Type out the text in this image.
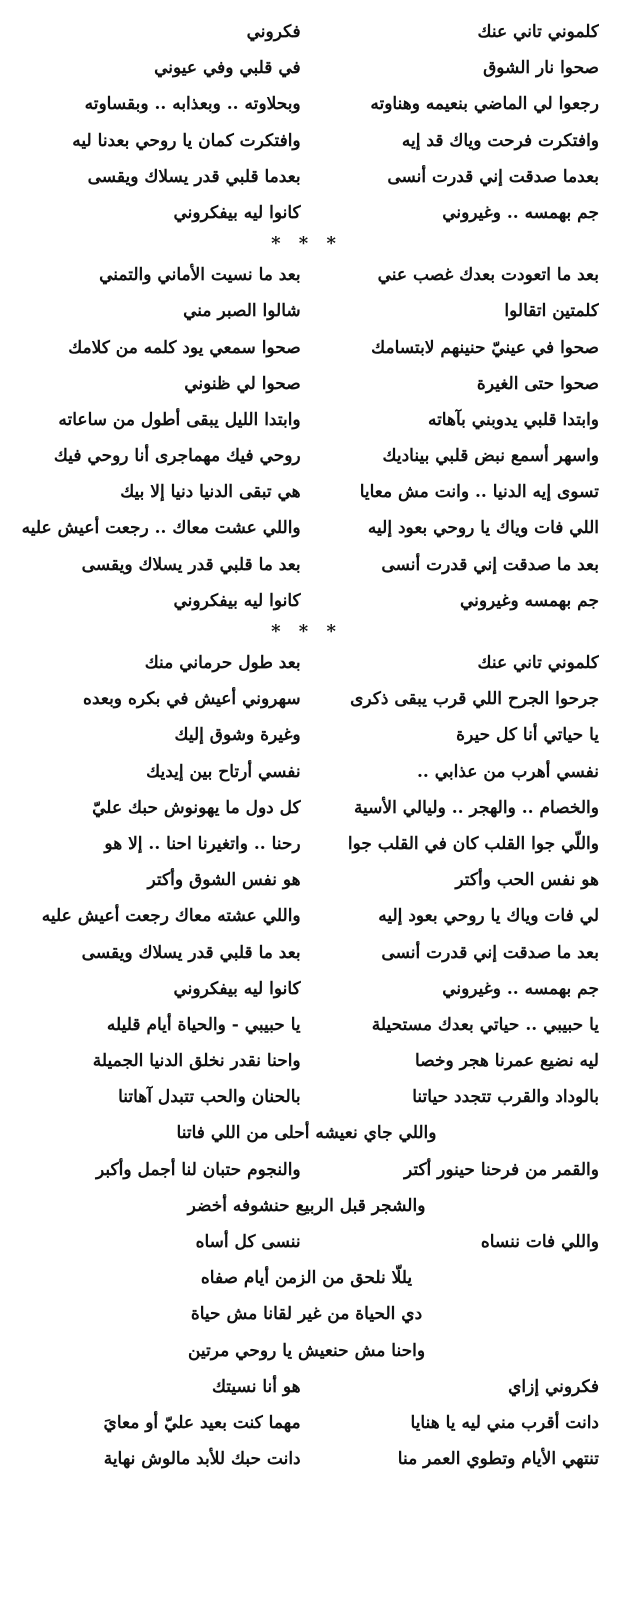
كلموني تاني عنك
فكروني
صحوا نار الشوق
في قلبي وفي عيوني
رجعوا لي الماضي بنعيمه وهناوته
وبحلاوته .. وبعذابه .. وبقساوته
وافتكرت فرحت وياك قد إيه
وافتكرت كمان يا روحي بعدنا ليه
بعدما صدقت إني قدرت أنسى
بعدما قلبي قدر يسلاك ويقسى
جم بهمسه .. وغيروني
كانوا ليه بيفكروني
* * *
بعد ما اتعودت بعدك غصب عني
بعد ما نسيت الأماني والتمني
كلمتين اتقالوا
شالوا الصبر مني
صحوا في عينيّ حنينهم لابتسامك
صحوا سمعي يود كلمه من كلامك
صحوا حتى الغيرة
صحوا لي ظنوني
وابتدا قلبي يدوبني بآهاته
وابتدا الليل يبقى أطول من ساعاته
واسهر أسمع نبض قلبي بيناديك
روحي فيك مهماجرى أنا روحي فيك
تسوى إيه الدنيا .. وانت مش معايا
هي تبقى الدنيا دنيا إلا بيك
اللي فات وياك يا روحي بعود إليه
واللي عشت معاك .. رجعت أعيش عليه
بعد ما صدقت إني قدرت أنسى
بعد ما قلبي قدر يسلاك ويقسى
جم بهمسه وغيروني
كانوا ليه بيفكروني
* * *
كلموني تاني عنك
بعد طول حرماني منك
جرحوا الجرح اللي قرب يبقى ذكرى
سهروني أعيش في بكره وبعده
يا حياتي أنا كل حيرة
وغيرة وشوق إليك
نفسي أهرب من عذابي ..
نفسي أرتاح بين إيديك
والخصام .. والهجر .. وليالي الأسية
كل دول ما يهونوش حبك عليّ
واللّي جوا القلب كان في القلب جوا
رحنا .. واتغيرنا احنا .. إلا هو
هو نفس الحب وأكتر
هو نفس الشوق وأكتر
لي فات وياك يا روحي بعود إليه
واللي عشته معاك رجعت أعيش عليه
بعد ما صدقت إني قدرت أنسى
بعد ما قلبي قدر يسلاك ويقسى
جم بهمسه .. وغيروني
كانوا ليه بيفكروني
يا حبيبي .. حياتي بعدك مستحيلة
يا حبيبي - والحياة أيام قليله
ليه نضيع عمرنا هجر وخصا
واحنا نقدر نخلق الدنيا الجميلة
بالوداد والقرب تتجدد حياتنا
بالحنان والحب تتبدل آهاتنا
واللي جاي نعيشه أحلى من اللي فاتنا
والقمر من فرحنا حينور أكتر
والنجوم حتبان لنا أجمل وأكبر
والشجر قبل الربيع حنشوفه أخضر
واللي فات ننساه
ننسى كل أساه
يللّا نلحق من الزمن أيام صفاه
دي الحياة من غير لقانا مش حياة
واحنا مش حنعيش يا روحي مرتين
فكروني إزاي
هو أنا نسيتك
دانت أقرب مني ليه يا هنايا
مهما كنت بعيد عليّ أو معايَ
تنتهي الأيام وتطوي العمر منا
دانت حبك للأبد مالوش نهاية
